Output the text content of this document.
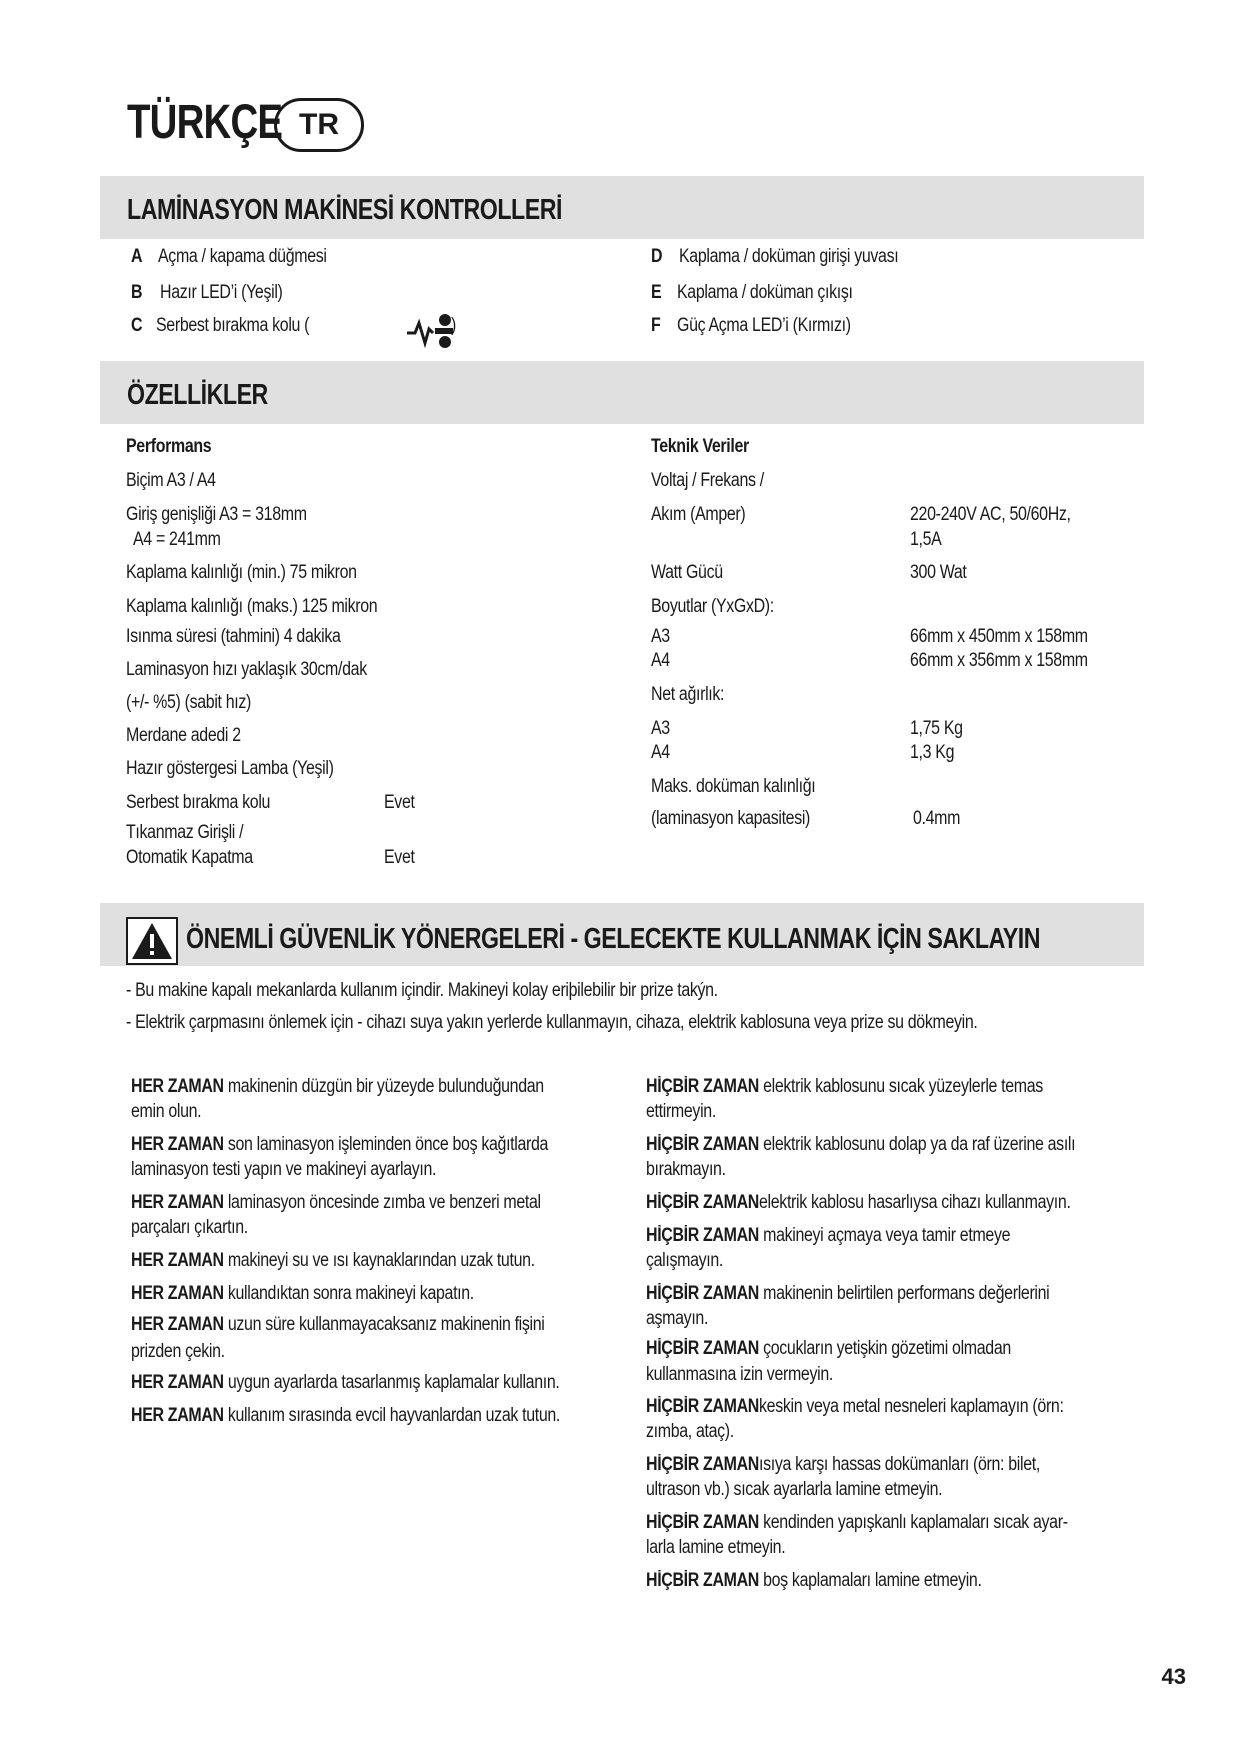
TÜRKÇE TR
LAMİNASYON MAKİNESİ KONTROLLERİ
A Açma / kapama düğmesi
B Hazır LED’i (Yeşil)
C Serbest bırakma kolu (	)
D Kaplama / doküman girişi yuvası
E Kaplama / doküman çıkışı
F Güç Açma LED’i (Kırmızı)
ÖZELLİKLER
Performans
Biçim A3 / A4
Giriş genişliği A3 = 318mm
A4 = 241mm
Kaplama kalınlığı (min.) 75 mikron
Kaplama kalınlığı (maks.) 125 mikron
Isınma süresi (tahmini) 4 dakika
Laminasyon hızı yaklaşık 30cm/dak
(+/- %5) (sabit hız)
Merdane adedi 2
Hazır göstergesi Lamba (Yeşil)
Serbest bırakma kolu	Evet
Tıkanmaz Girişli /
Otomatik Kapatma	Evet
Teknik Veriler
Voltaj / Frekans /
Akım (Amper)	220-240V AC, 50/60Hz,
1,5A
Watt Gücü	300 Wat
Boyutlar (YxGxD):
A3	66mm x 450mm x 158mm
A4	66mm x 356mm x 158mm
Net ağırlık:
A3	1,75 Kg
A4	1,3 Kg
Maks. doküman kalınlığı
(laminasyon kapasitesi)	0.4mm
ÖNEMLİ GÜVENLİK YÖNERGELERİ - GELECEKTE KULLANMAK İÇİN SAKLAYIN
- Bu makine kapalı mekanlarda kullanım içindir. Makineyi kolay eriþilebilir bir prize takýn.
- Elektrik çarpmasını önlemek için - cihazı suya yakın yerlerde kullanmayın, cihaza, elektrik kablosuna veya prize su dökmeyin.
HER ZAMAN makinenin düzgün bir yüzeyde bulunduğundan
emin olun.
HER ZAMAN son laminasyon işleminden önce boş kağıtlarda
laminasyon testi yapın ve makineyi ayarlayın.
HER ZAMAN laminasyon öncesinde zımba ve benzeri metal
parçaları çıkartın.
HER ZAMAN makineyi su ve ısı kaynaklarından uzak tutun.
HER ZAMAN kullandıktan sonra makineyi kapatın.
HER ZAMAN uzun süre kullanmayacaksanız makinenin fişini
prizden çekin.
HER ZAMAN uygun ayarlarda tasarlanmış kaplamalar kullanın.
HER ZAMAN kullanım sırasında evcil hayvanlardan uzak tutun.
HİÇBİR ZAMAN elektrik kablosunu sıcak yüzeylerle temas
ettirmeyin.
HİÇBİR ZAMAN elektrik kablosunu dolap ya da raf üzerine asılı
bırakmayın.
HİÇBİR ZAMANelektrik kablosu hasarlıysa cihazı kullanmayın.
HİÇBİR ZAMAN makineyi açmaya veya tamir etmeye
çalışmayın.
HİÇBİR ZAMAN makinenin belirtilen performans değerlerini
aşmayın.
HİÇBİR ZAMAN çocukların yetişkin gözetimi olmadan
kullanmasına izin vermeyin.
HİÇBİR ZAMANkeskin veya metal nesneleri kaplamayın (örn:
zımba, ataç).
HİÇBİR ZAMANısıya karşı hassas dokümanları (örn: bilet,
ultrason vb.) sıcak ayarlarla lamine etmeyin.
HİÇBİR ZAMAN kendinden yapışkanlı kaplamaları sıcak ayar-
larla lamine etmeyin.
HİÇBİR ZAMAN boş kaplamaları lamine etmeyin.
43
